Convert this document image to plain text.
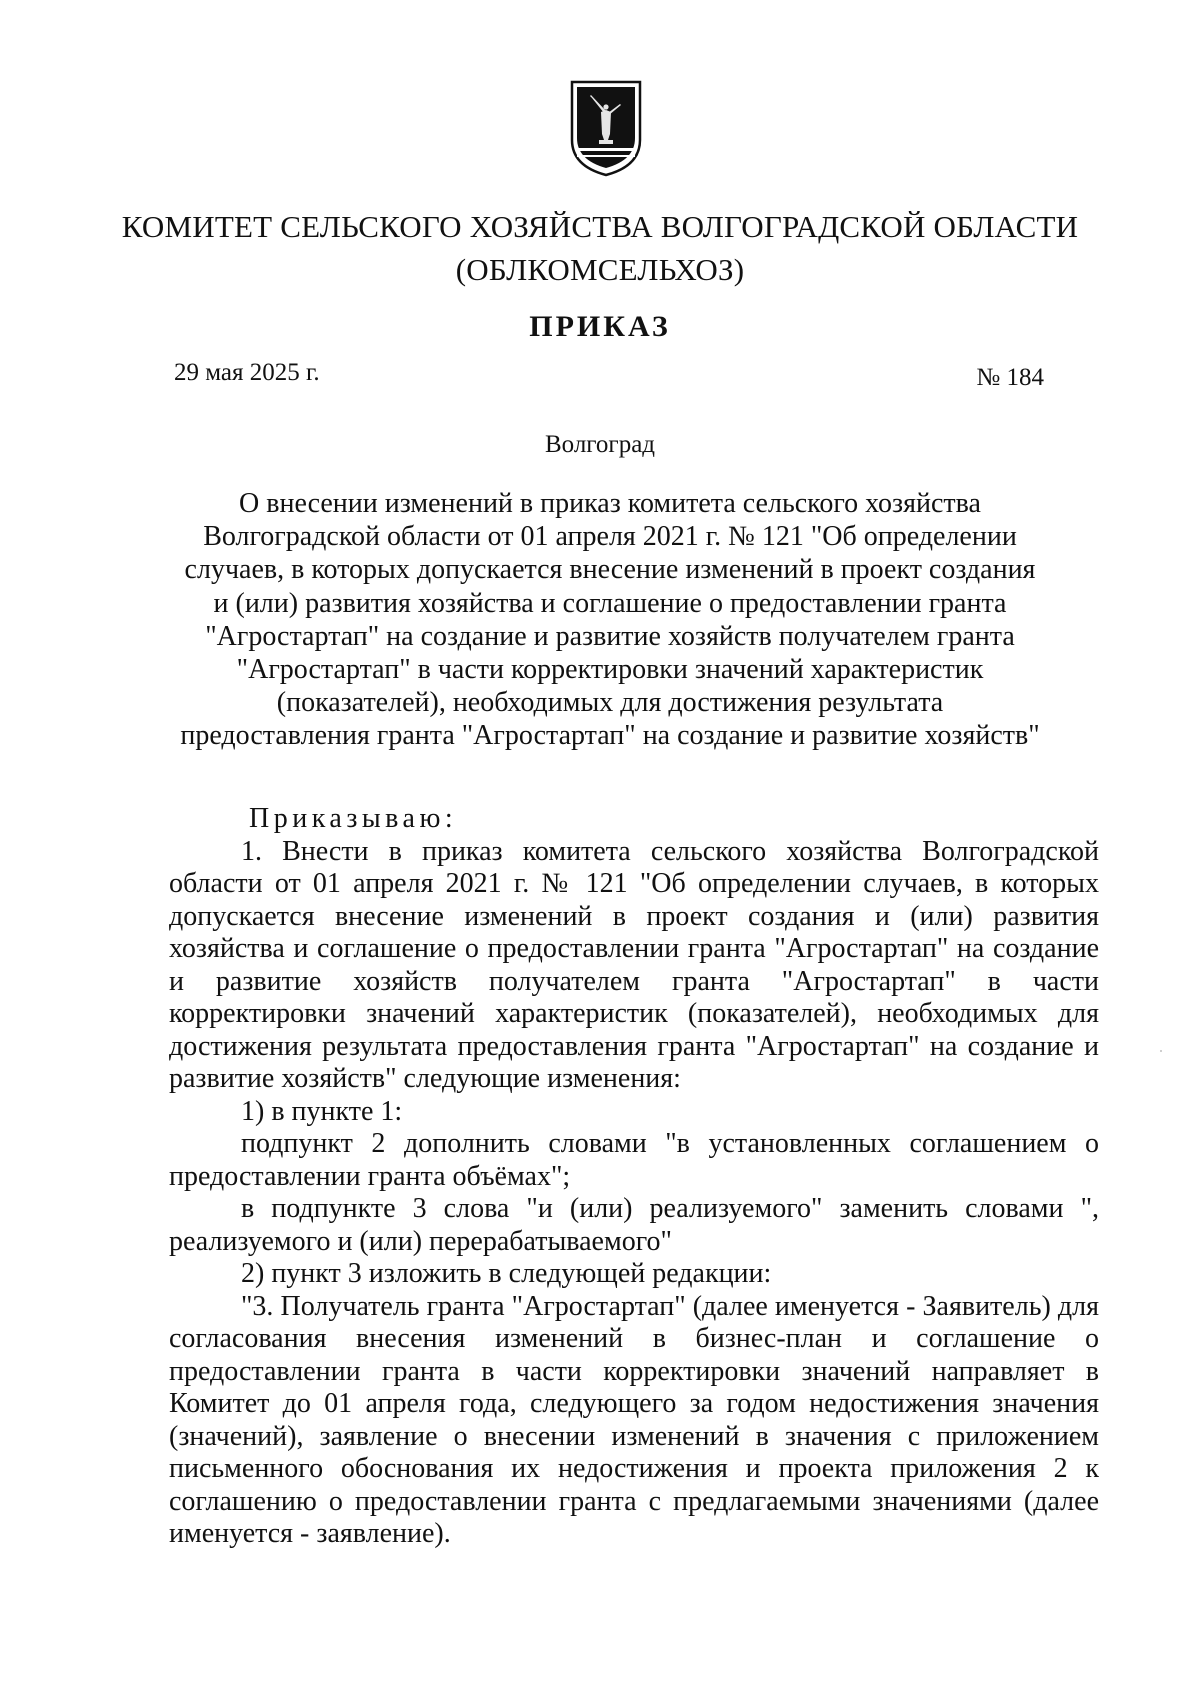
КОМИТЕТ СЕЛЬСКОГО ХОЗЯЙСТВА ВОЛГОГРАДСКОЙ ОБЛАСТИ
(ОБЛКОМСЕЛЬХОЗ)
ПРИКАЗ
29 мая 2025 г.	№ 184
Волгоград
О внесении изменений в приказ комитета сельского хозяйства Волгоградской области от 01 апреля 2021 г. № 121 "Об определении случаев, в которых допускается внесение изменений в проект создания и (или) развития хозяйства и соглашение о предоставлении гранта "Агростартап" на создание и развитие хозяйств получателем гранта "Агростартап" в части корректировки значений характеристик (показателей), необходимых для достижения результата предоставления гранта "Агростартап" на создание и развитие хозяйств"

Приказываю:

1. Внести в приказ комитета сельского хозяйства Волгоградской области от 01 апреля 2021 г. № 121 "Об определении случаев, в которых допускается внесение изменений в проект создания и (или) развития хозяйства и соглашение о предоставлении гранта "Агростартап" на создание и развитие хозяйств получателем гранта "Агростартап" в части корректировки значений характеристик (показателей), необходимых для достижения результата предоставления гранта "Агростартап" на создание и развитие хозяйств" следующие изменения:

1) в пункте 1:

подпункт 2 дополнить словами "в установленных соглашением о предоставлении гранта объёмах";

в подпункте 3 слова "и (или) реализуемого" заменить словами ", реализуемого и (или) перерабатываемого"

2) пункт 3 изложить в следующей редакции:

"3. Получатель гранта "Агростартап" (далее именуется - Заявитель) для согласования внесения изменений в бизнес-план и соглашение о предоставлении гранта в части корректировки значений направляет в Комитет до 01 апреля года, следующего за годом недостижения значения (значений), заявление о внесении изменений в значения с приложением письменного обоснования их недостижения и проекта приложения 2 к соглашению о предоставлении гранта с предлагаемыми значениями (далее именуется - заявление).
